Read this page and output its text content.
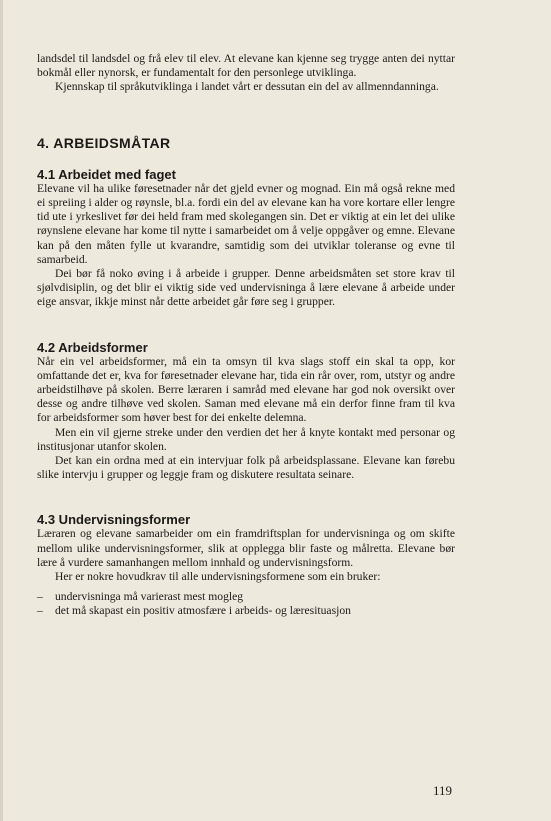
landsdel til landsdel og frå elev til elev. At elevane kan kjenne seg trygge anten dei nyttar bokmål eller nynorsk, er fundamentalt for den personlege utviklinga.

Kjennskap til språkutviklinga i landet vårt er dessutan ein del av allmenndanninga.

4. ARBEIDSMÅTAR
4.1 Arbeidet med faget

Elevane vil ha ulike føresetnader når det gjeld evner og mognad. Ein må også rekne med ei spreiing i alder og røynsle, bl.a. fordi ein del av elevane kan ha vore kortare eller lengre tid ute i yrkeslivet før dei held fram med skolegangen sin. Det er viktig at ein let dei ulike røynslene elevane har kome til nytte i samarbeidet om å velje oppgåver og emne. Elevane kan på den måten fylle ut kvarandre, samtidig som dei utviklar toleranse og evne til samarbeid.

Dei bør få noko øving i å arbeide i grupper. Denne arbeidsmåten set store krav til sjølvdisiplin, og det blir ei viktig side ved undervisninga å lære elevane å arbeide under eige ansvar, ikkje minst når dette arbeidet går føre seg i grupper.

4.2 Arbeidsformer

Når ein vel arbeidsformer, må ein ta omsyn til kva slags stoff ein skal ta opp, kor omfattande det er, kva for føresetnader elevane har, tida ein rår over, rom, utstyr og andre arbeidstilhøve på skolen. Berre læraren i samråd med elevane har god nok oversikt over desse og andre tilhøve ved skolen. Saman med elevane må ein derfor finne fram til kva for arbeidsformer som høver best for dei enkelte delemna.

Men ein vil gjerne streke under den verdien det her å knyte kontakt med personar og institusjonar utanfor skolen.

Det kan ein ordna med at ein intervjuar folk på arbeidsplassane. Elevane kan førebu slike intervju i grupper og leggje fram og diskutere resultata seinare.

4.3 Undervisningsformer

Læraren og elevane samarbeider om ein framdriftsplan for undervisninga og om skifte mellom ulike undervisningsformer, slik at opplegga blir faste og målretta. Elevane bør lære å vurdere samanhangen mellom innhald og undervisningsform.

Her er nokre hovudkrav til alle undervisningsformene som ein bruker:

– undervisninga må varierast mest mogleg
– det må skapast ein positiv atmosfære i arbeids- og læresituasjon
119
